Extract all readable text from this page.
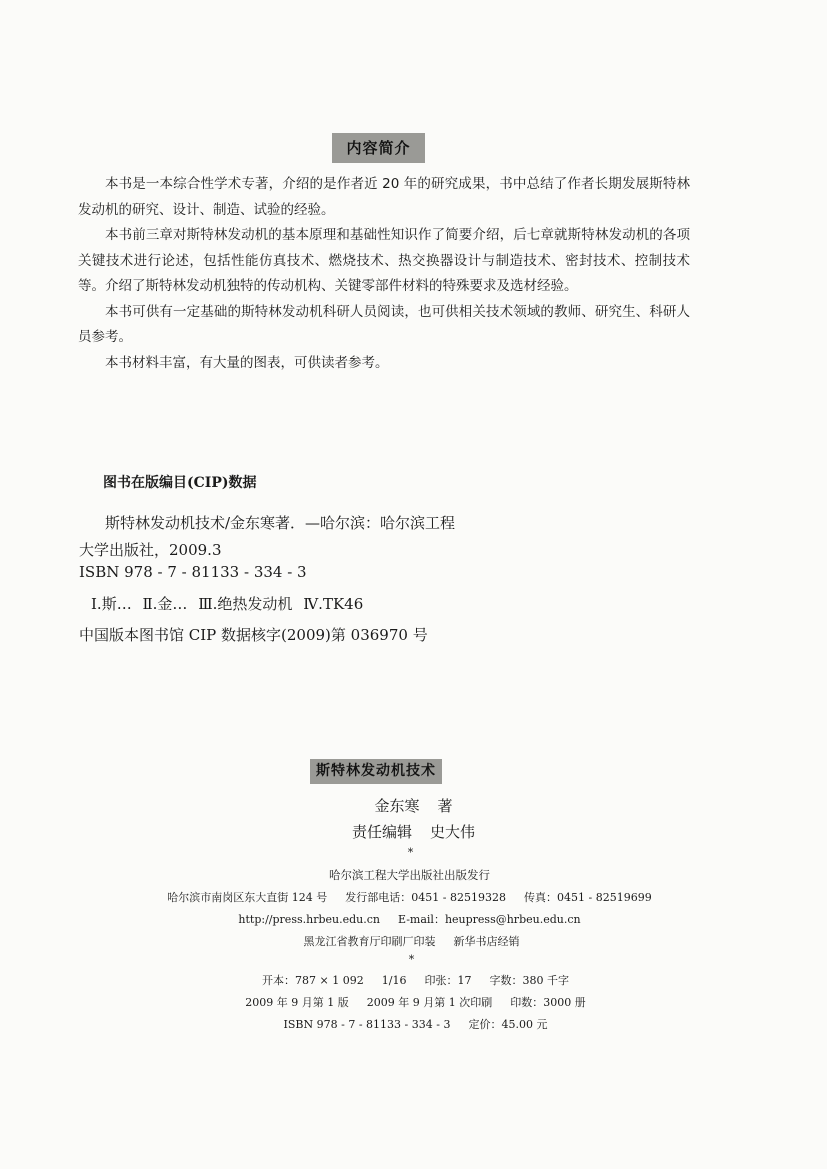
内容简介

本书是一本综合性学术专著，介绍的是作者近 20 年的研究成果，书中总结了作者长期发展斯特林发动机的研究、设计、制造、试验的经验。

本书前三章对斯特林发动机的基本原理和基础性知识作了简要介绍，后七章就斯特林发动机的各项关键技术进行论述，包括性能仿真技术、燃烧技术、热交换器设计与制造技术、密封技术、控制技术等。介绍了斯特林发动机独特的传动机构、关键零部件材料的特殊要求及选材经验。

本书可供有一定基础的斯特林发动机科研人员阅读，也可供相关技术领域的教师、研究生、科研人员参考。

本书材料丰富，有大量的图表，可供读者参考。

图书在版编目(CIP)数据
斯特林发动机技术/金东寒著．—哈尔滨：哈尔滨工程
大学出版社，2009.3
ISBN 978 - 7 - 81133 - 334 - 3
Ⅰ.斯… Ⅱ.金… Ⅲ.绝热发动机 Ⅳ.TK46
中国版本图书馆 CIP 数据核字(2009)第 036970 号
斯特林发动机技术
金东寒 著
责任编辑 史大伟
*
哈尔滨工程大学出版社出版发行
哈尔滨市南岗区东大直街 124 号 发行部电话：0451 - 82519328 传真：0451 - 82519699
http://press.hrbeu.edu.cn E-mail：heupress@hrbeu.edu.cn
黑龙江省教育厅印刷厂印装 新华书店经销
*
开本：787 × 1 092 1/16 印张：17 字数：380 千字
2009 年 9 月第 1 版 2009 年 9 月第 1 次印刷 印数：3000 册
ISBN 978 - 7 - 81133 - 334 - 3 定价：45.00 元
